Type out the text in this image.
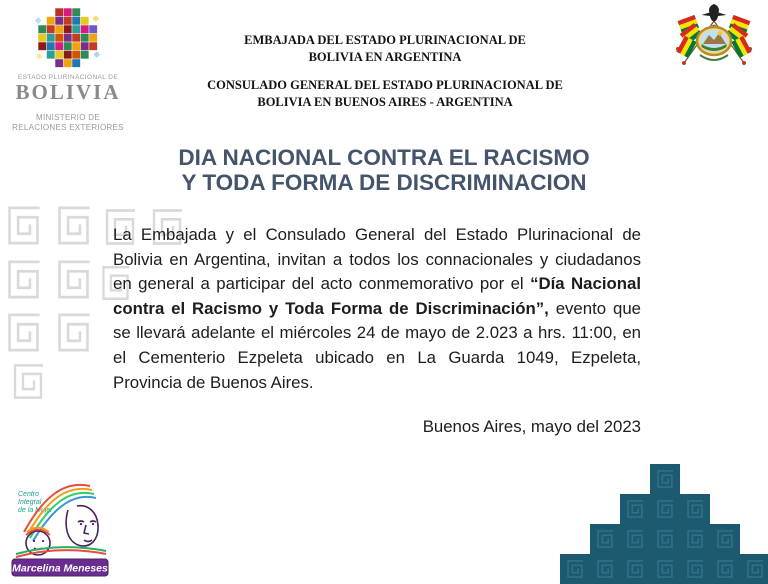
ESTADO PLURINACIONAL DE
BOLIVIA
MINISTERIO DE
RELACIONES EXTERIORES
EMBAJADA DEL ESTADO PLURINACIONAL DE
BOLIVIA EN ARGENTINA
CONSULADO GENERAL DEL ESTADO PLURINACIONAL DE
BOLIVIA EN BUENOS AIRES - ARGENTINA
DIA NACIONAL CONTRA EL RACISMO
Y TODA FORMA DE DISCRIMINACION

La Embajada y el Consulado General del Estado Plurinacional de Bolivia en Argentina, invitan a todos los connacionales y ciudadanos en general a participar del acto conmemorativo por el “Día Nacional contra el Racismo y Toda Forma de Discriminación”, evento que se llevará adelante el miércoles 24 de mayo de 2.023 a hrs. 11:00, en el Cementerio Ezpeleta ubicado en La Guarda 1049, Ezpeleta, Provincia de Buenos Aires.

Buenos Aires, mayo del 2023
Centro
Integral
de la Mujer
Marcelina Meneses
